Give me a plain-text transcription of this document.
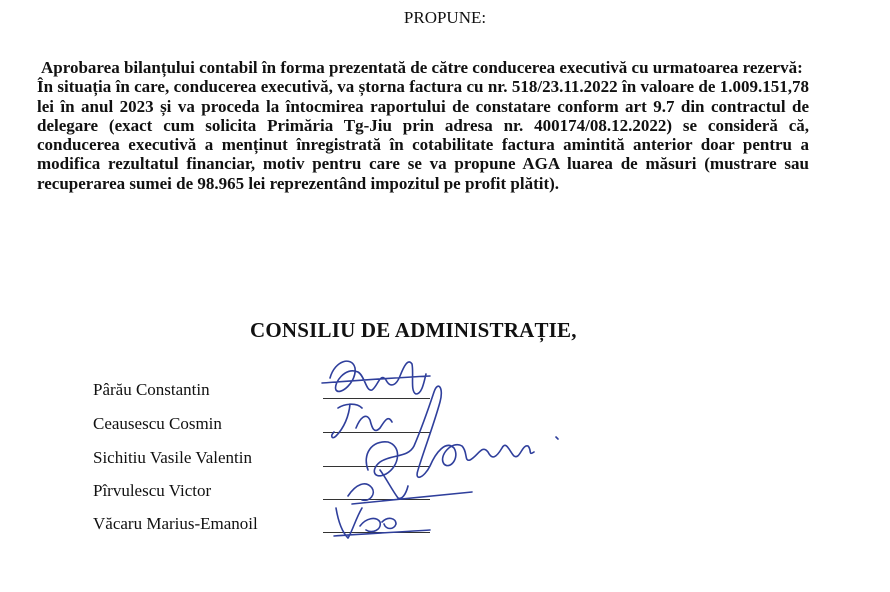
PROPUNE:

Aprobarea bilanțului contabil în forma prezentată de către conducerea executivă cu urmatoarea rezervă:

În situația în care, conducerea executivă, va ștorna factura cu nr. 518/23.11.2022 în valoare de 1.009.151,78 lei în anul 2023 și va proceda la întocmirea raportului de constatare conform art 9.7 din contractul de delegare (exact cum solicita Primăria Tg-Jiu prin adresa nr. 400174/08.12.2022) se consideră că, conducerea executivă a menținut înregistrată în cotabilitate factura amintită anterior doar pentru a modifica rezultatul financiar, motiv pentru care se va propune AGA luarea de măsuri (mustrare sau recuperarea sumei de 98.965 lei reprezentând impozitul pe profit plătit).

CONSILIU DE ADMINISTRAȚIE,
Pârău Constantin
Ceausescu Cosmin
Sichitiu Vasile Valentin
Pîrvulescu Victor
Văcaru Marius-Emanoil
